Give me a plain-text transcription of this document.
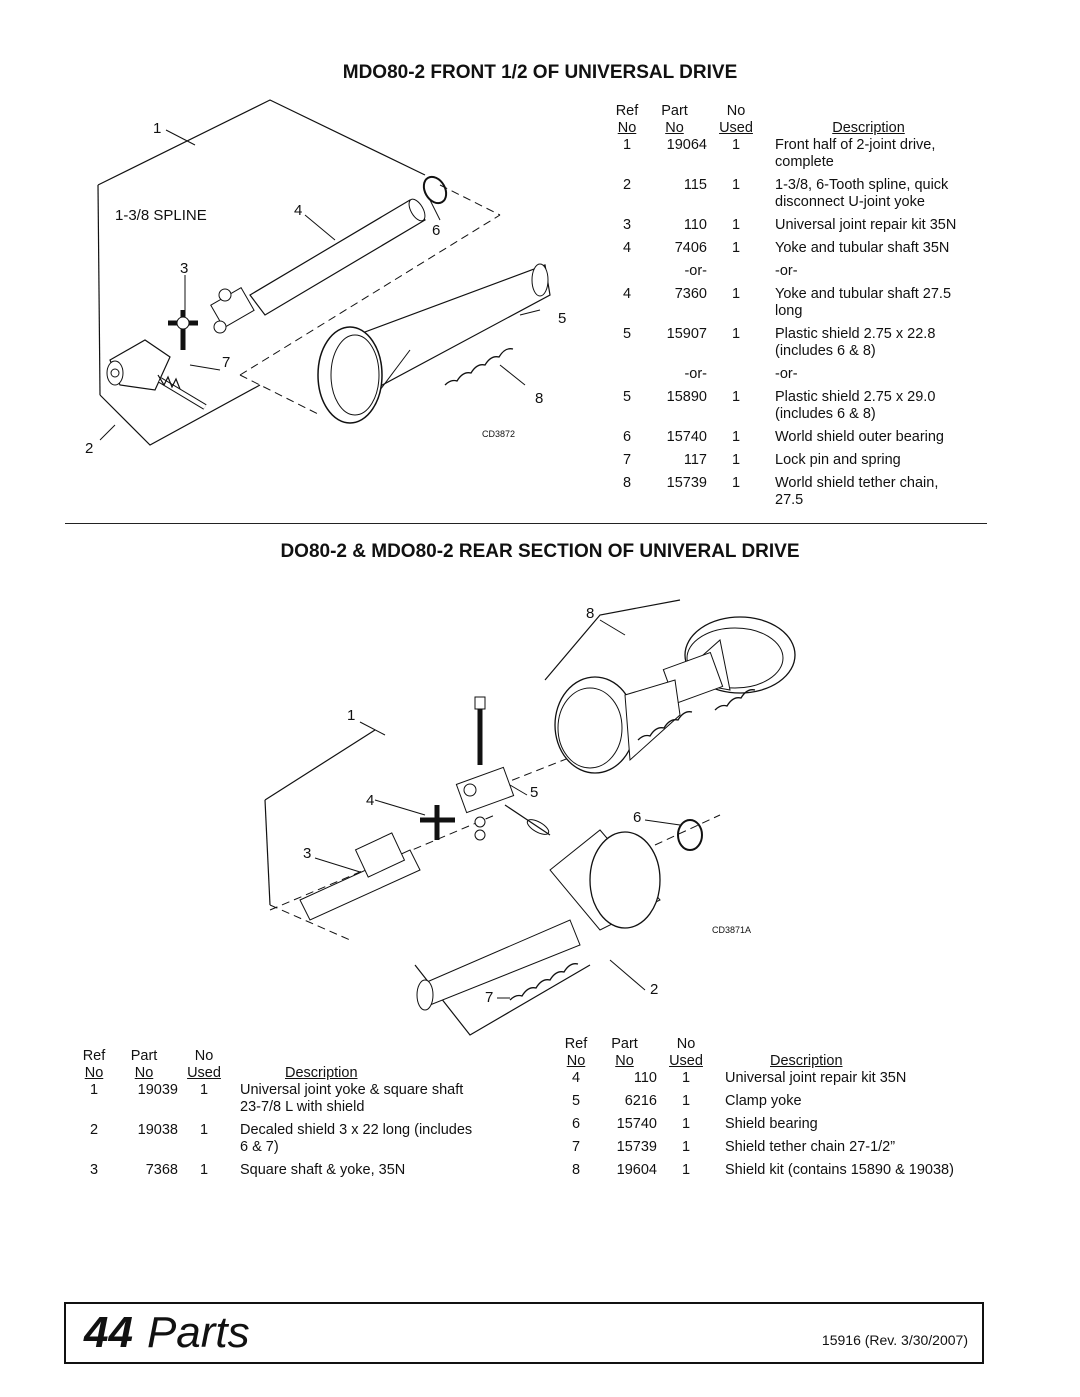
MDO80-2 FRONT 1/2 OF UNIVERSAL DRIVE
1
4
6
3
5
7
8
2
1-3/8 SPLINE
CD3872
Ref	Part	No	
No	No	Used	Description
1	19064	1	Front half of 2-joint drive,
complete

2	115	1	1-3/8, 6-Tooth spline, quick
disconnect U-joint yoke

3	110	1	Universal joint repair kit 35N

4	7406	1	Yoke and tubular shaft 35N

	-or-		-or-

4	7360	1	Yoke and tubular shaft 27.5
long

5	15907	1	Plastic shield 2.75 x 22.8
(includes 6 & 8)

	-or-		-or-

5	15890	1	Plastic shield 2.75 x 29.0
(includes 6 & 8)

6	15740	1	World shield outer bearing

7	117	1	Lock pin and spring

8	15739	1	World shield tether chain,
27.5
DO80-2 & MDO80-2 REAR SECTION OF UNIVERAL DRIVE
8
1
4	5
6
3
7	2
CD3871A
Ref	Part	No	
No	No	Used	Description
1	19039	1	Universal joint yoke & square shaft
23-7/8 L with shield

2	19038	1	Decaled shield 3 x 22 long (includes
6 & 7)

3	7368	1	Square shaft & yoke, 35N
Ref	Part	No	
No	No	Used	Description
4	110	1	Universal joint repair kit 35N

5	6216	1	Clamp yoke

6	15740	1	Shield bearing

7	15739	1	Shield tether chain 27-1/2”

8	19604	1	Shield kit (contains 15890 & 19038)
44 Parts	15916 (Rev. 3/30/2007)
